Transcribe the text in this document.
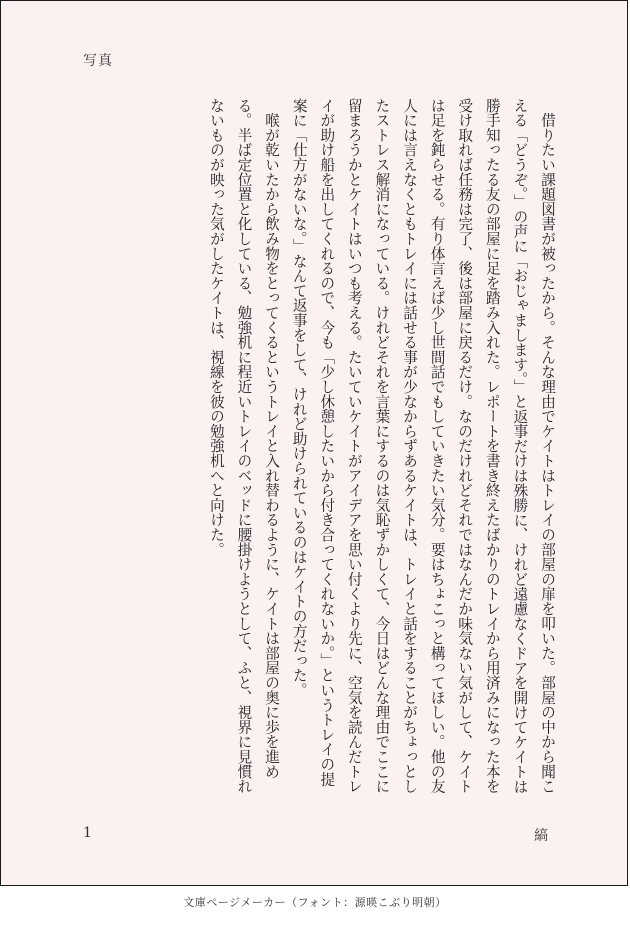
写真
　借りたい課題図書が被ったから。そんな理由でケイトはトレイの部屋の扉を叩いた。部屋の中から聞こえる「どうぞ。」の声に「おじゃまします。」と返事だけは殊勝に、けれど遠慮なくドアを開けてケイトは勝手知ったる友の部屋に足を踏み入れた。レポートを書き終えたばかりのトレイから用済みになった本を受け取れば任務は完了、後は部屋に戻るだけ。なのだけれどそれではなんだか味気ない気がして、ケイトは足を鈍らせる。有り体言えば少し世間話でもしていきたい気分。要はちょこっと構ってほしい。他の友人には言えなくともトレイには話せる事が少なからずあるケイトは、トレイと話をすることがちょっとしたストレス解消になっている。けれどそれを言葉にするのは気恥ずかしくて、今日はどんな理由でここに留まろうかとケイトはいつも考える。たいていケイトがアイデアを思い付くより先に、空気を読んだトレイが助け船を出してくれるので、今も「少し休憩したいから付き合ってくれないか。」というトレイの提案に「仕方がないな。」なんて返事をして、けれど助けられているのはケイトの方だった。
　喉が乾いたから飲み物をとってくるというトレイと入れ替わるように、ケイトは部屋の奥に歩を進める。半ば定位置と化している、勉強机に程近いトレイのベッドに腰掛けようとして、ふと、視界に見慣れないものが映った気がしたケイトは、視線を彼の勉強机へと向けた。
1	縞
文庫ページメーカー（フォント：源暎こぶり明朝）
